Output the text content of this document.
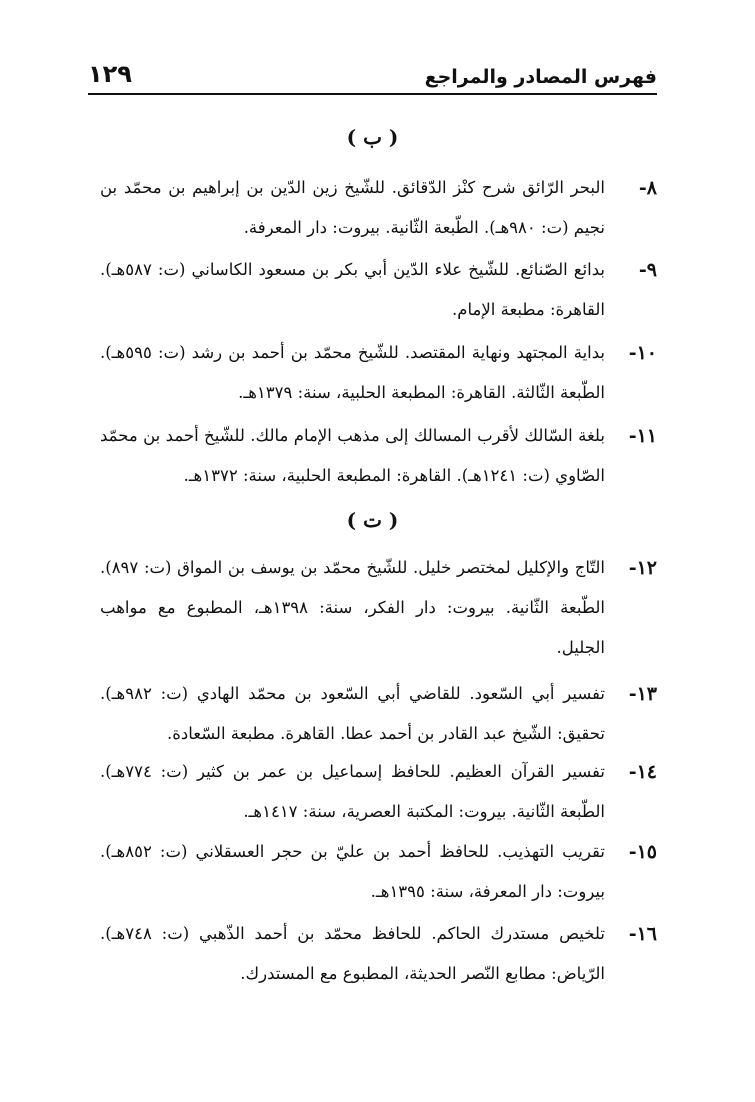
فهرس المصادر والمراجع
١٢٩
( ب )
٨-
البحر الرّائق شرح كنْز الدّقائق. للشّيخ زين الدّين بن إبراهيم بن محمّد بن نجيم (ت: ٩٨٠هـ). الطّبعة الثّانية. بيروت: دار المعرفة.
٩-
بدائع الصّنائع. للشّيخ علاء الدّين أبي بكر بن مسعود الكاساني (ت: ٥٨٧هـ). القاهرة: مطبعة الإمام.
١٠-
بداية المجتهد ونهاية المقتصد. للشّيخ محمّد بن أحمد بن رشد (ت: ٥٩٥هـ). الطّبعة الثّالثة. القاهرة: المطبعة الحلبية، سنة: ١٣٧٩هـ.
١١-
بلغة السّالك لأقرب المسالك إلى مذهب الإمام مالك. للشّيخ أحمد بن محمّد الصّاوي (ت: ١٢٤١هـ). القاهرة: المطبعة الحلبية، سنة: ١٣٧٢هـ.
( ت )
١٢-
التّاج والإكليل لمختصر خليل. للشّيخ محمّد بن يوسف بن المواق (ت: ٨٩٧). الطّبعة الثّانية. بيروت: دار الفكر، سنة: ١٣٩٨هـ، المطبوع مع مواهب الجليل.
١٣-
تفسير أبي السّعود. للقاضي أبي السّعود بن محمّد الهادي (ت: ٩٨٢هـ). تحقيق: الشّيخ عبد القادر بن أحمد عطا. القاهرة. مطبعة السّعادة.
١٤-
تفسير القرآن العظيم. للحافظ إسماعيل بن عمر بن كثير (ت: ٧٧٤هـ). الطّبعة الثّانية. بيروت: المكتبة العصرية، سنة: ١٤١٧هـ.
١٥-
تقريب التهذيب. للحافظ أحمد بن عليّ بن حجر العسقلاني (ت: ٨٥٢هـ). بيروت: دار المعرفة، سنة: ١٣٩٥هـ.
١٦-
تلخيص مستدرك الحاكم. للحافظ محمّد بن أحمد الذّهبي (ت: ٧٤٨هـ). الرّياض: مطابع النّصر الحديثة، المطبوع مع المستدرك.
